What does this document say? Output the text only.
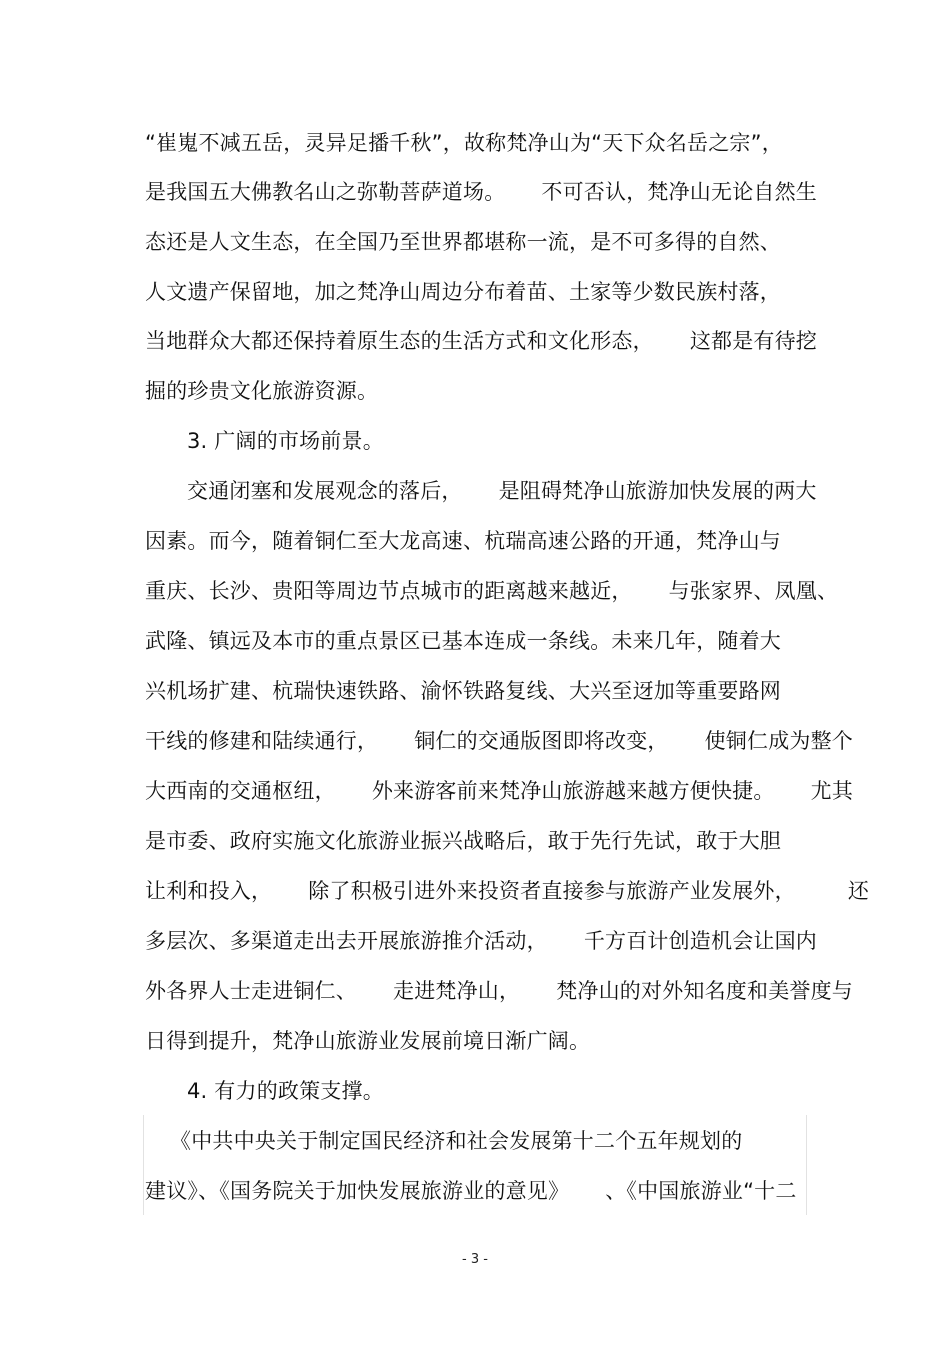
“崔嵬不减五岳，灵异足播千秋”，故称梵净山为“天下众名岳之宗”，
是我国五大佛教名山之弥勒菩萨道场。 不可否认，梵净山无论自然生
态还是人文生态，在全国乃至世界都堪称一流，是不可多得的自然、
人文遗产保留地，加之梵净山周边分布着苗、土家等少数民族村落，
当地群众大都还保持着原生态的生活方式和文化形态， 这都是有待挖
掘的珍贵文化旅游资源。
3. 广阔的市场前景。
交通闭塞和发展观念的落后， 是阻碍梵净山旅游加快发展的两大
因素。而今，随着铜仁至大龙高速、杭瑞高速公路的开通，梵净山与
重庆、长沙、贵阳等周边节点城市的距离越来越近， 与张家界、凤凰、
武隆、镇远及本市的重点景区已基本连成一条线。未来几年，随着大
兴机场扩建、杭瑞快速铁路、渝怀铁路复线、大兴至迓加等重要路网
干线的修建和陆续通行， 铜仁的交通版图即将改变， 使铜仁成为整个
大西南的交通枢纽， 外来游客前来梵净山旅游越来越方便快捷。 尤其
是市委、政府实施文化旅游业振兴战略后，敢于先行先试，敢于大胆
让利和投入， 除了积极引进外来投资者直接参与旅游产业发展外， 还
多层次、多渠道走出去开展旅游推介活动， 千方百计创造机会让国内
外各界人士走进铜仁、 走进梵净山， 梵净山的对外知名度和美誉度与
日得到提升，梵净山旅游业发展前境日渐广阔。
4. 有力的政策支撑。
《中共中央关于制定国民经济和社会发展第十二个五年规划的
建议》、《国务院关于加快发展旅游业的意见》 、《中国旅游业“十二
- 3 -
